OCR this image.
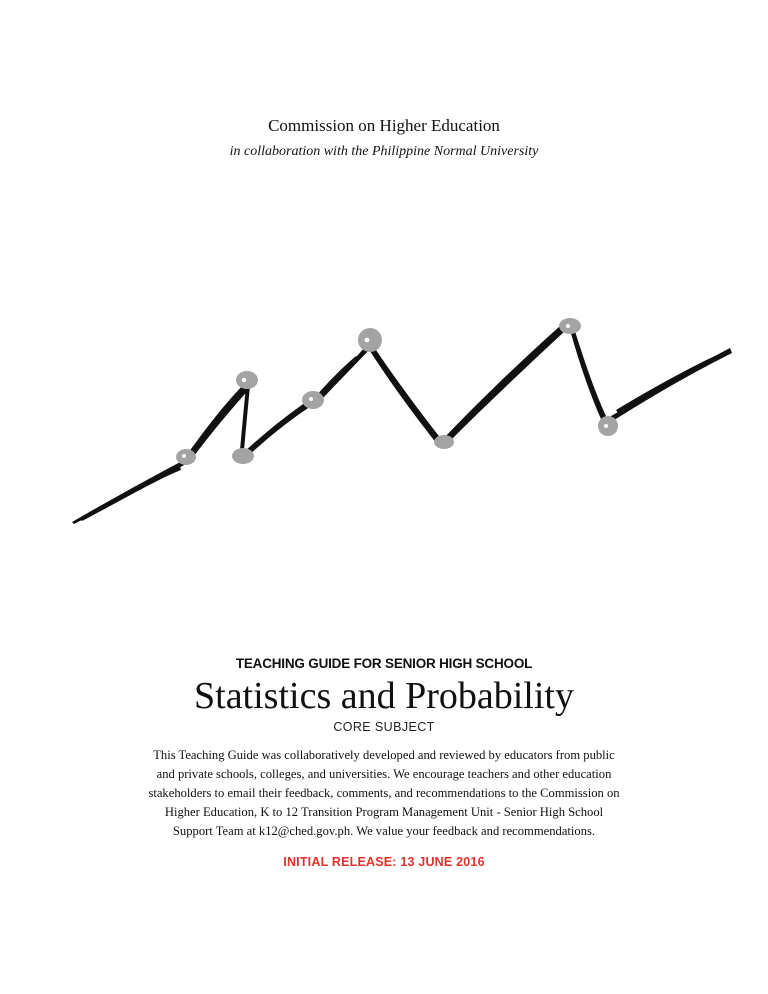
Commission on Higher Education
in collaboration with the Philippine Normal University
TEACHING GUIDE FOR SENIOR HIGH SCHOOL
Statistics and Probability
CORE SUBJECT
This Teaching Guide was collaboratively developed and reviewed by educators from public
and private schools, colleges, and universities. We encourage teachers and other education
stakeholders to email their feedback, comments, and recommendations to the Commission on
Higher Education, K to 12 Transition Program Management Unit - Senior High School
Support Team at k12@ched.gov.ph. We value your feedback and recommendations.
INITIAL RELEASE: 13 JUNE 2016
